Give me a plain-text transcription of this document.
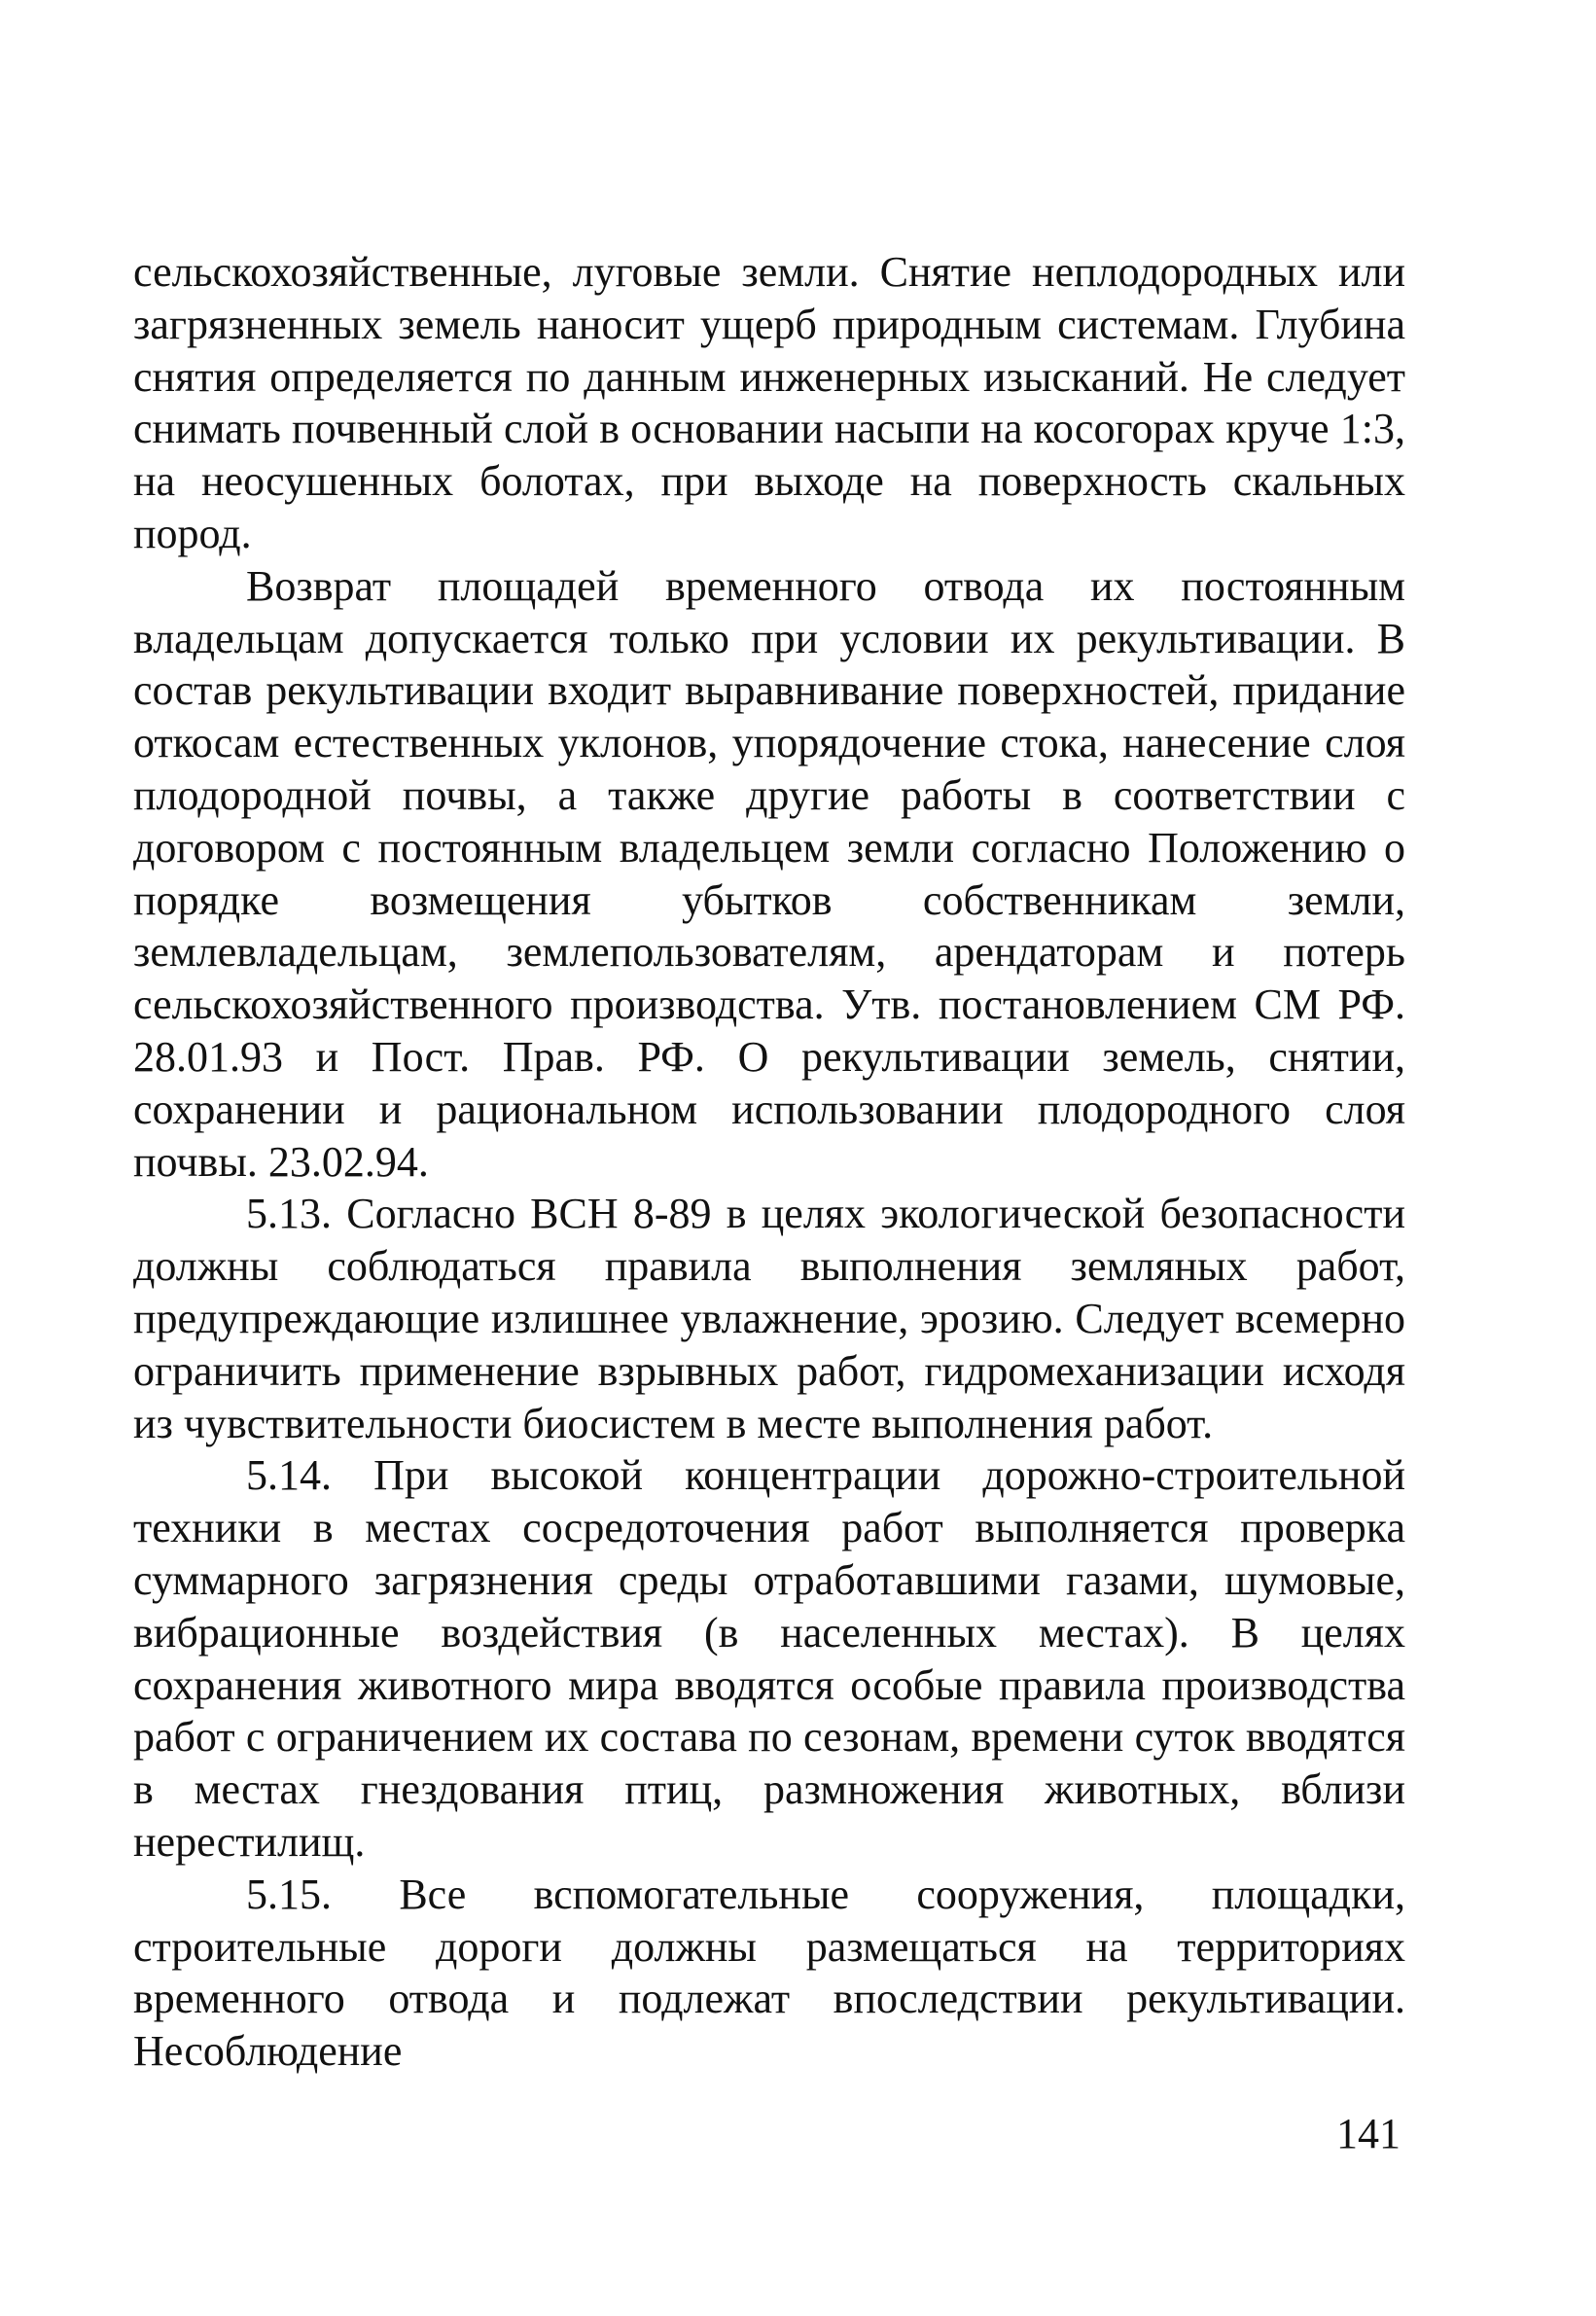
сельскохозяйственные, луговые земли. Снятие неплодородных или загрязненных земель наносит ущерб природным системам. Глубина снятия определяется по данным инженерных изысканий. Не следует снимать почвенный слой в основании насыпи на косогорах круче 1:3, на неосушенных болотах, при выходе на поверхность скальных пород.

Возврат площадей временного отвода их постоянным владельцам допускается только при условии их рекультивации. В состав рекультивации входит выравнивание поверхностей, придание откосам естественных уклонов, упорядочение стока, нанесение слоя плодородной почвы, а также другие работы в соответствии с договором с постоянным владельцем земли согласно Положению о порядке возмещения убытков собственникам земли, землевладельцам, землепользователям, арендаторам и потерь сельскохозяйственного производства. Утв. постановлением СМ РФ. 28.01.93 и Пост. Прав. РФ. О рекультивации земель, снятии, сохранении и рациональном использовании плодородного слоя почвы. 23.02.94.

5.13. Согласно ВСН 8-89 в целях экологической безопасности должны соблюдаться правила выполнения земляных работ, предупреждающие излишнее увлажнение, эрозию. Следует всемерно ограничить применение взрывных работ, гидромеханизации исходя из чувствительности биосистем в месте выполнения работ.

5.14. При высокой концентрации дорожно-строительной техники в местах сосредоточения работ выполняется проверка суммарного загрязнения среды отработавшими газами, шумовые, вибрационные воздействия (в населенных местах). В целях сохранения животного мира вводятся особые правила производства работ с ограничением их состава по сезонам, времени суток вводятся в местах гнездования птиц, размножения животных, вблизи нерестилищ.

5.15. Все вспомогательные сооружения, площадки, строительные дороги должны размещаться на территориях временного отвода и подлежат впоследствии рекультивации. Несоблюдение

141
